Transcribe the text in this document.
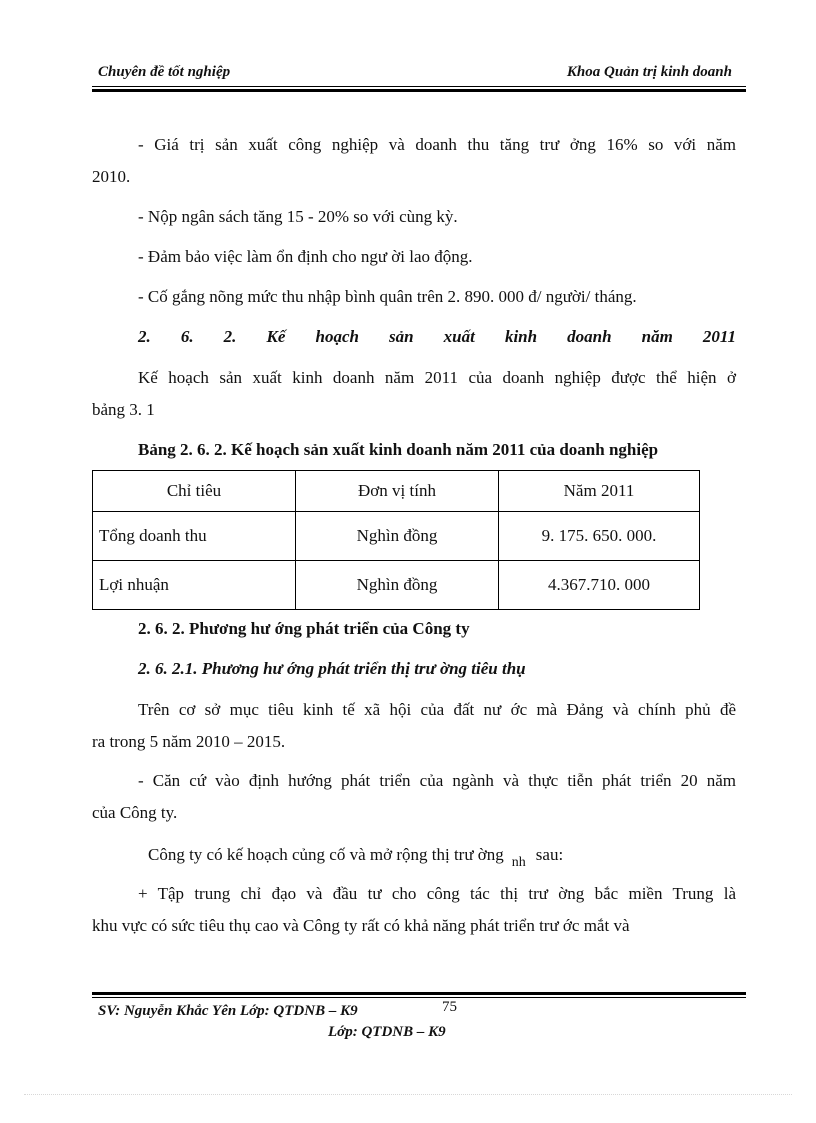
Chuyên đề tốt nghiệp	Khoa Quản trị kinh doanh
- Giá trị sản xuất công nghiệp và doanh thu tăng trư ởng 16% so với năm
2010.
- Nộp ngân sách tăng 15 - 20% so với cùng kỳ.
- Đảm bảo việc làm ổn định cho ngư ời lao động.
- Cố gắng nõng mức thu nhập bình quân trên 2. 890. 000 đ/ người/ tháng.
2. 6. 2. Kế hoạch sản xuất kinh doanh năm 2011
Kế hoạch sản xuất kinh doanh năm 2011 của doanh nghiệp được thể hiện ở
bảng 3. 1
Bảng 2. 6. 2. Kế hoạch sản xuất kinh doanh năm 2011 của doanh nghiệp
Chỉ tiêu	Đơn vị tính	Năm 2011
Tổng doanh thu	Nghìn đồng	9. 175. 650. 000.
Lợi nhuận	Nghìn đồng	4.367.710. 000
2. 6. 2. Phương hư ớng phát triển của Công ty
2. 6. 2.1. Phương hư ớng phát triển thị trư ờng tiêu thụ
Trên cơ sở mục tiêu kinh tế xã hội của đất nư ớc mà Đảng và chính phủ đề
ra trong 5 năm 2010 – 2015.
- Căn cứ vào định hướng phát triển của ngành và thực tiễn phát triển 20 năm
của Công ty.
Công ty có kế hoạch củng cố và mở rộng thị trư ờng $_{nh}$ sau:
+ Tập trung chỉ đạo và đầu tư cho công tác thị trư ờng bắc miền Trung là
khu vực có sức tiêu thụ cao và Công ty rất có khả năng phát triển trư ớc mắt và
SV: Nguyễn Khắc Yên Lớp: QTDNB – K9	75
Lớp: QTDNB – K9
